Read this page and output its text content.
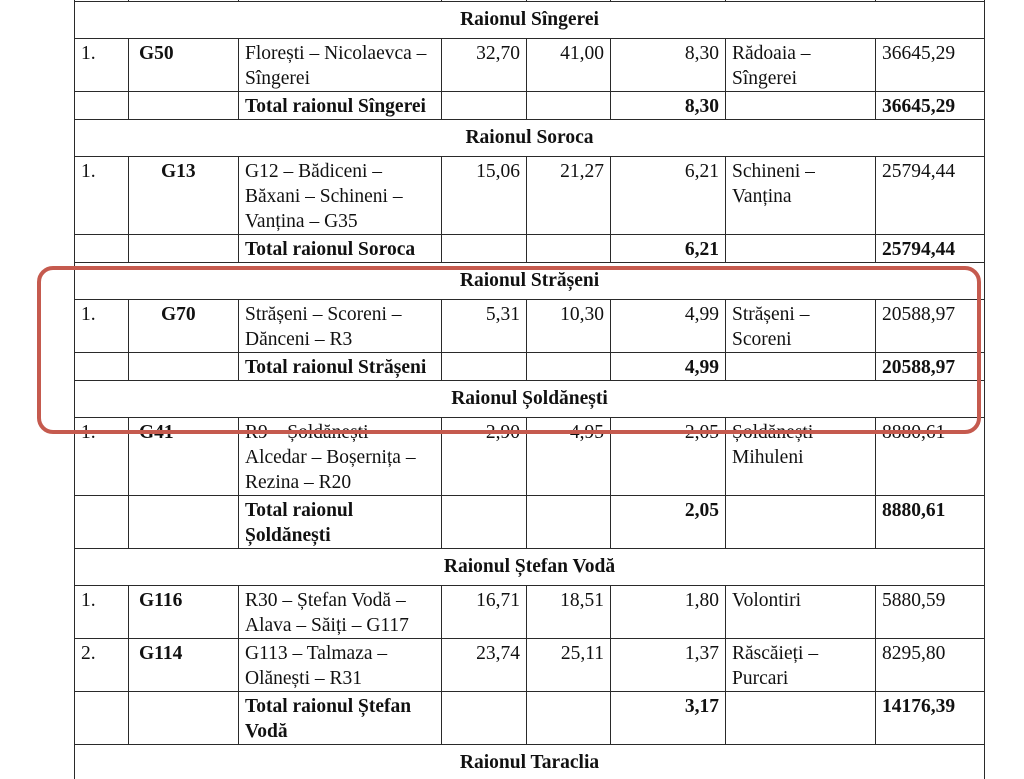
Raionul Sîngerei							
1.	G50	Florești – Nicolaevca – Sîngerei	32,70	41,00	8,30	Rădoaia – Sîngerei	36645,29
		Total raionul Sîngerei			8,30		36645,29
Raionul Soroca							
1.	G13	G12 – Bădiceni – Băxani – Schineni – Vanțina – G35	15,06	21,27	6,21	Schineni – Vanțina	25794,44
		Total raionul Soroca			6,21		25794,44
Raionul Strășeni							
1.	G70	Strășeni – Scoreni – Dănceni – R3	5,31	10,30	4,99	Strășeni – Scoreni	20588,97
		Total raionul Strășeni			4,99		20588,97
Raionul Șoldănești							
1.	G41	R9 – Șoldănești – Alcedar – Boșernița – Rezina – R20	2,90	4,95	2,05	Șoldănești – Mihuleni	8880,61
		Total raionul Șoldănești			2,05		8880,61
Raionul Ștefan Vodă							
1.	G116	R30 – Ștefan Vodă – Alava – Săiți – G117	16,71	18,51	1,80	Volontiri	5880,59
2.	G114	G113 – Talmaza – Olănești – R31	23,74	25,11	1,37	Răscăieți – Purcari	8295,80
		Total raionul Ștefan Vodă			3,17		14176,39
Raionul Taraclia							
